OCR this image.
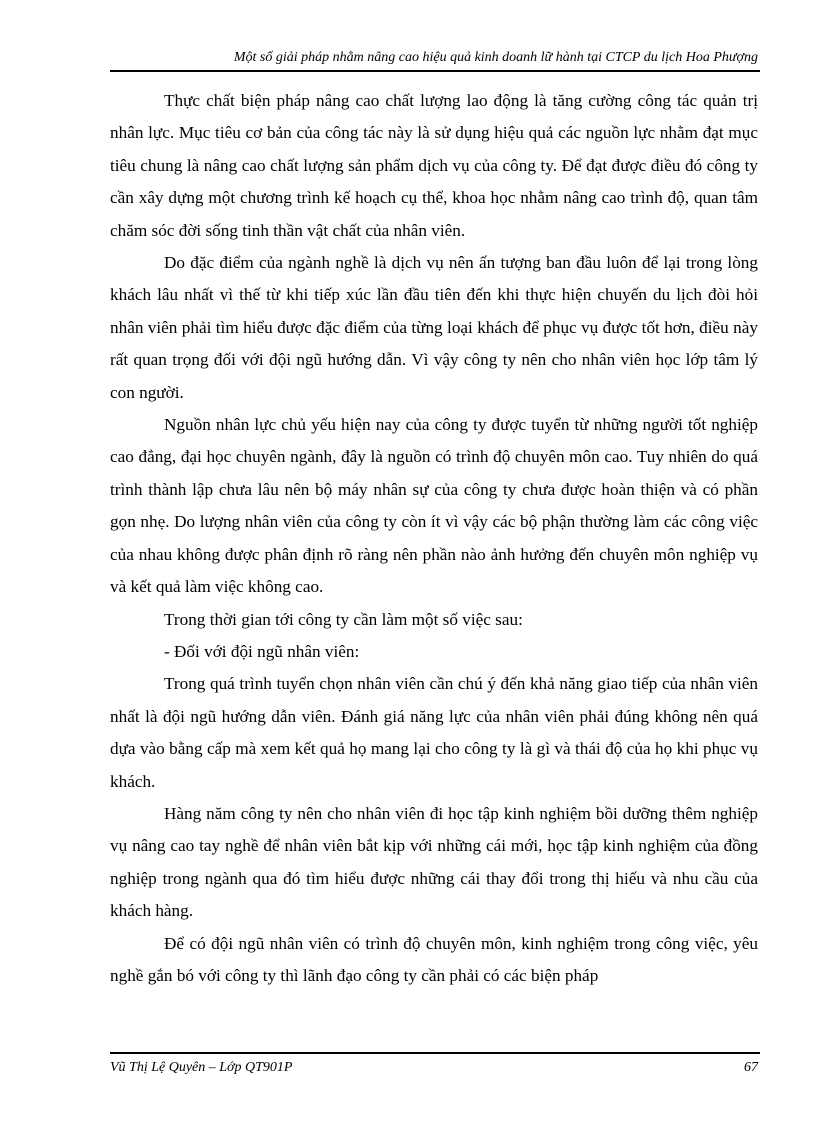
Một số giải pháp nhằm nâng cao hiệu quả kinh doanh lữ hành tại CTCP du lịch Hoa Phượng

Thực chất biện pháp nâng cao chất lượng lao động là tăng cường công tác quản trị nhân lực. Mục tiêu cơ bản của công tác này là sử dụng hiệu quả các nguồn lực nhằm đạt mục tiêu chung là nâng cao chất lượng sản phẩm dịch vụ của công ty. Để đạt được điều đó công ty cần xây dựng một chương trình kế hoạch cụ thể, khoa học nhằm nâng cao trình độ, quan tâm chăm sóc đời sống tinh thần vật chất của nhân viên.

Do đặc điểm của ngành nghề là dịch vụ nên ấn tượng ban đầu luôn để lại trong lòng khách lâu nhất vì thế từ khi tiếp xúc lần đầu tiên đến khi thực hiện chuyến du lịch đòi hỏi nhân viên phải tìm hiểu được đặc điểm của từng loại khách để phục vụ được tốt hơn, điều này rất quan trọng đối với đội ngũ hướng dẫn. Vì vậy công ty nên cho nhân viên học lớp tâm lý con người.

Nguồn nhân lực chủ yếu hiện nay của công ty được tuyển từ những người tốt nghiệp cao đẳng, đại học chuyên ngành, đây là nguồn có trình độ chuyên môn cao. Tuy nhiên do quá trình thành lập chưa lâu nên bộ máy nhân sự của công ty chưa được hoàn thiện và có phần gọn nhẹ. Do lượng nhân viên của công ty còn ít vì vậy các bộ phận thường làm các công việc của nhau không được phân định rõ ràng nên phần nào ảnh hưởng đến chuyên môn nghiệp vụ và kết quả làm việc không cao.

Trong thời gian tới công ty cần làm một số việc sau:

- Đối với đội ngũ nhân viên:

Trong quá trình tuyển chọn nhân viên cần chú ý đến khả năng giao tiếp của nhân viên nhất là đội ngũ hướng dẫn viên. Đánh giá năng lực của nhân viên phải đúng không nên quá dựa vào bằng cấp mà xem kết quả họ mang lại cho công ty là gì và thái độ của họ khi phục vụ khách.

Hàng năm công ty nên cho nhân viên đi học tập kinh nghiệm bồi dưỡng thêm nghiệp vụ nâng cao tay nghề để nhân viên bắt kịp với những cái mới, học tập kinh nghiệm của đồng nghiệp trong ngành qua đó tìm hiểu được những cái thay đổi trong thị hiếu và nhu cầu của khách hàng.

Để có đội ngũ nhân viên có trình độ chuyên môn, kinh nghiệm trong công việc, yêu nghề gắn bó với công ty thì lãnh đạo công ty cần phải có các biện pháp

Vũ Thị Lệ Quyên – Lớp QT901P	67
